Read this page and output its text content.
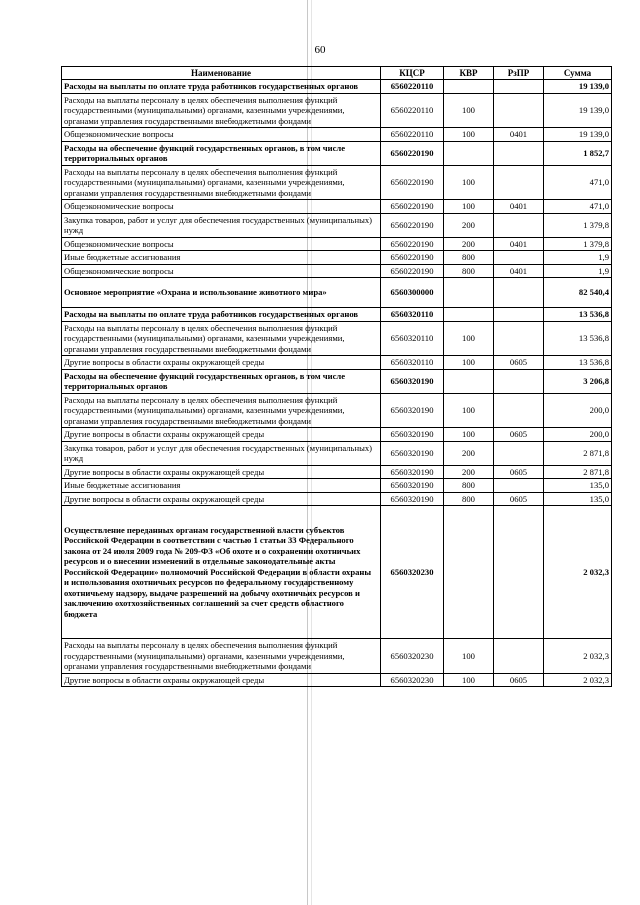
60
Наименование	КЦСР	КВР	РзПР	Сумма
Расходы на выплаты по оплате труда работников государственных органов	6560220110			19 139,0
Расходы на выплаты персоналу в целях обеспечения выполнения функций государственными (муниципальными) органами, казенными учреждениями, органами управления государственными внебюджетными фондами	6560220110	100		19 139,0
Общеэкономические вопросы	6560220110	100	0401	19 139,0
Расходы на обеспечение функций государственных органов, в том числе территориальных органов	6560220190			1 852,7
Расходы на выплаты персоналу в целях обеспечения выполнения функций государственными (муниципальными) органами, казенными учреждениями, органами управления государственными внебюджетными фондами	6560220190	100		471,0
Общеэкономические вопросы	6560220190	100	0401	471,0
Закупка товаров, работ и услуг для обеспечения государственных (муниципальных) нужд	6560220190	200		1 379,8
Общеэкономические вопросы	6560220190	200	0401	1 379,8
Иные бюджетные ассигнования	6560220190	800		1,9
Общеэкономические вопросы	6560220190	800	0401	1,9
Основное мероприятие «Охрана и использование животного мира»	6560300000			82 540,4
Расходы на выплаты по оплате труда работников государственных органов	6560320110			13 536,8
Расходы на выплаты персоналу в целях обеспечения выполнения функций государственными (муниципальными) органами, казенными учреждениями, органами управления государственными внебюджетными фондами	6560320110	100		13 536,8
Другие вопросы в области охраны окружающей среды	6560320110	100	0605	13 536,8
Расходы на обеспечение функций государственных органов, в том числе территориальных органов	6560320190			3 206,8
Расходы на выплаты персоналу в целях обеспечения выполнения функций государственными (муниципальными) органами, казенными учреждениями, органами управления государственными внебюджетными фондами	6560320190	100		200,0
Другие вопросы в области охраны окружающей среды	6560320190	100	0605	200,0
Закупка товаров, работ и услуг для обеспечения государственных (муниципальных) нужд	6560320190	200		2 871,8
Другие вопросы в области охраны окружающей среды	6560320190	200	0605	2 871,8
Иные бюджетные ассигнования	6560320190	800		135,0
Другие вопросы в области охраны окружающей среды	6560320190	800	0605	135,0
Осуществление переданных органам государственной власти субъектов Российской Федерации в соответствии с частью 1 статьи 33 Федерального закона от 24 июля 2009 года № 209-ФЗ «Об охоте и о сохранении охотничьих ресурсов и о внесении изменений в отдельные законодательные акты Российской Федерации» полномочий Российской Федерации в области охраны и использования охотничьих ресурсов по федеральному государственному охотничьему надзору, выдаче разрешений на добычу охотничьих ресурсов и заключению охотхозяйственных соглашений за счет средств областного бюджета	6560320230			2 032,3
Расходы на выплаты персоналу в целях обеспечения выполнения функций государственными (муниципальными) органами, казенными учреждениями, органами управления государственными внебюджетными фондами	6560320230	100		2 032,3
Другие вопросы в области охраны окружающей среды	6560320230	100	0605	2 032,3
